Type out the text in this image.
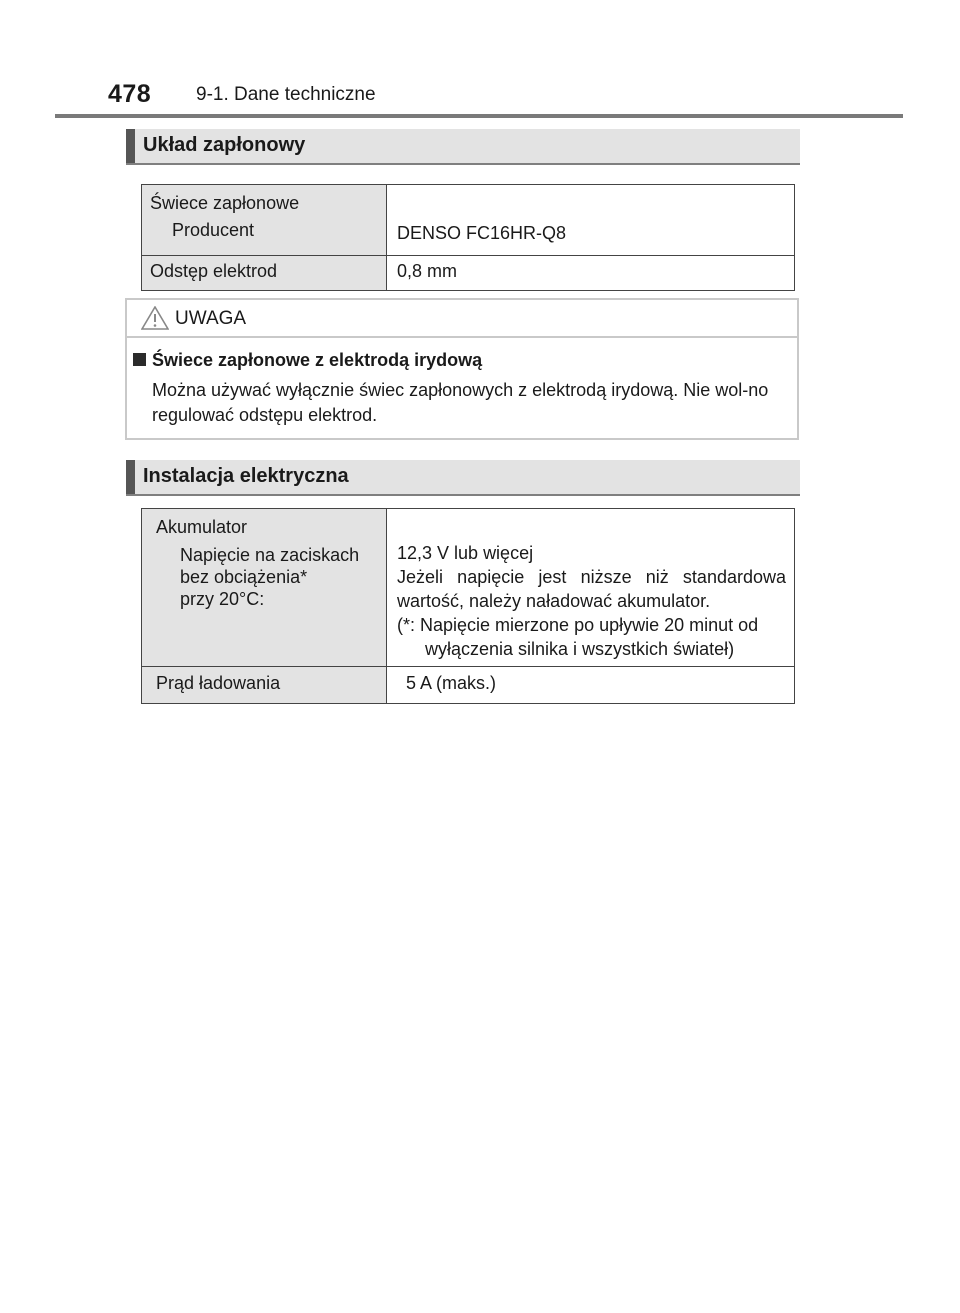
478 9-1. Dane techniczne
Układ zapłonowy
Świece zapłonowe
Producent	DENSO FC16HR-Q8

Odstęp elektrod	0,8 mm
UWAGA
Świece zapłonowe z elektrodą irydową
Można używać wyłącznie świec zapłonowych z elektrodą irydową. Nie wol-no regulować odstępu elektrod.
Instalacja elektryczna
Akumulator
Napięcie na zaciskach
bez obciążenia*
przy 20°C:	12,3 V lub więcej
Jeżeli napięcie jest niższe niż standardowa wartość, należy naładować akumulator.
(*: Napięcie mierzone po upływie 20 minut od
wyłączenia silnika i wszystkich świateł)

Prąd ładowania	5 A (maks.)
